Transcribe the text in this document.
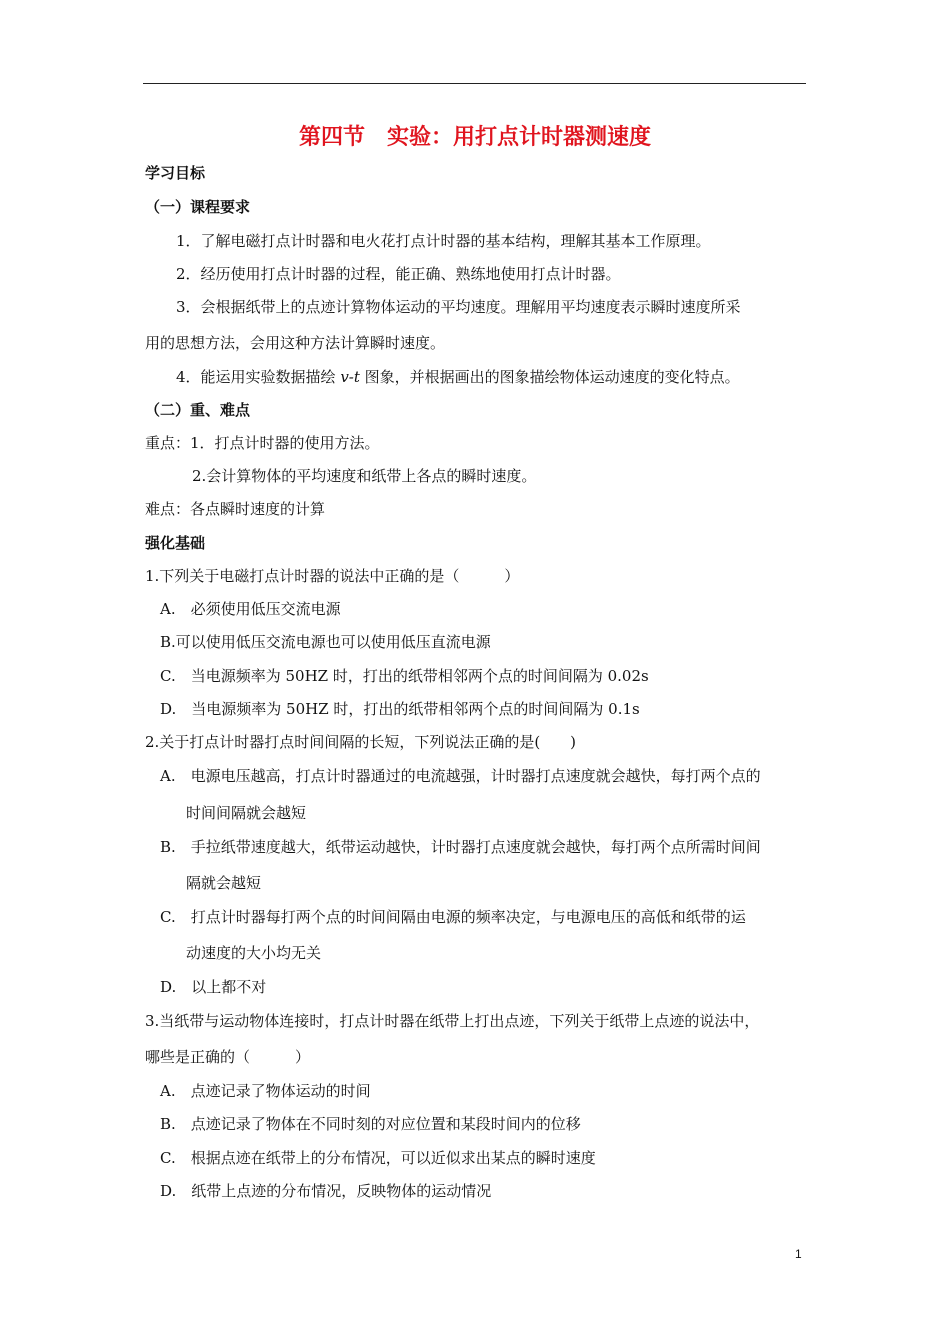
第四节　实验：用打点计时器测速度
学习目标
（一）课程要求
1．了解电磁打点计时器和电火花打点计时器的基本结构，理解其基本工作原理。
2．经历使用打点计时器的过程，能正确、熟练地使用打点计时器。
3．会根据纸带上的点迹计算物体运动的平均速度。理解用平均速度表示瞬时速度所采
用的思想方法，会用这种方法计算瞬时速度。
4．能运用实验数据描绘 v-t 图象，并根据画出的图象描绘物体运动速度的变化特点。
（二）重、难点
重点：1．打点计时器的使用方法。
2.会计算物体的平均速度和纸带上各点的瞬时速度。
难点：各点瞬时速度的计算
强化基础
1.下列关于电磁打点计时器的说法中正确的是（　　　）
A.　必须使用低压交流电源
B.可以使用低压交流电源也可以使用低压直流电源
C.　当电源频率为 50HZ 时，打出的纸带相邻两个点的时间间隔为 0.02s
D.　当电源频率为 50HZ 时，打出的纸带相邻两个点的时间间隔为 0.1s
2.关于打点计时器打点时间间隔的长短，下列说法正确的是(　　)
A.　电源电压越高，打点计时器通过的电流越强，计时器打点速度就会越快，每打两个点的
时间间隔就会越短
B.　手拉纸带速度越大，纸带运动越快，计时器打点速度就会越快，每打两个点所需时间间
隔就会越短
C.　打点计时器每打两个点的时间间隔由电源的频率决定，与电源电压的高低和纸带的运
动速度的大小均无关
D.　以上都不对
3.当纸带与运动物体连接时，打点计时器在纸带上打出点迹，下列关于纸带上点迹的说法中，
哪些是正确的（　　　）
A.　点迹记录了物体运动的时间
B.　点迹记录了物体在不同时刻的对应位置和某段时间内的位移
C.　根据点迹在纸带上的分布情况，可以近似求出某点的瞬时速度
D.　纸带上点迹的分布情况，反映物体的运动情况
1
